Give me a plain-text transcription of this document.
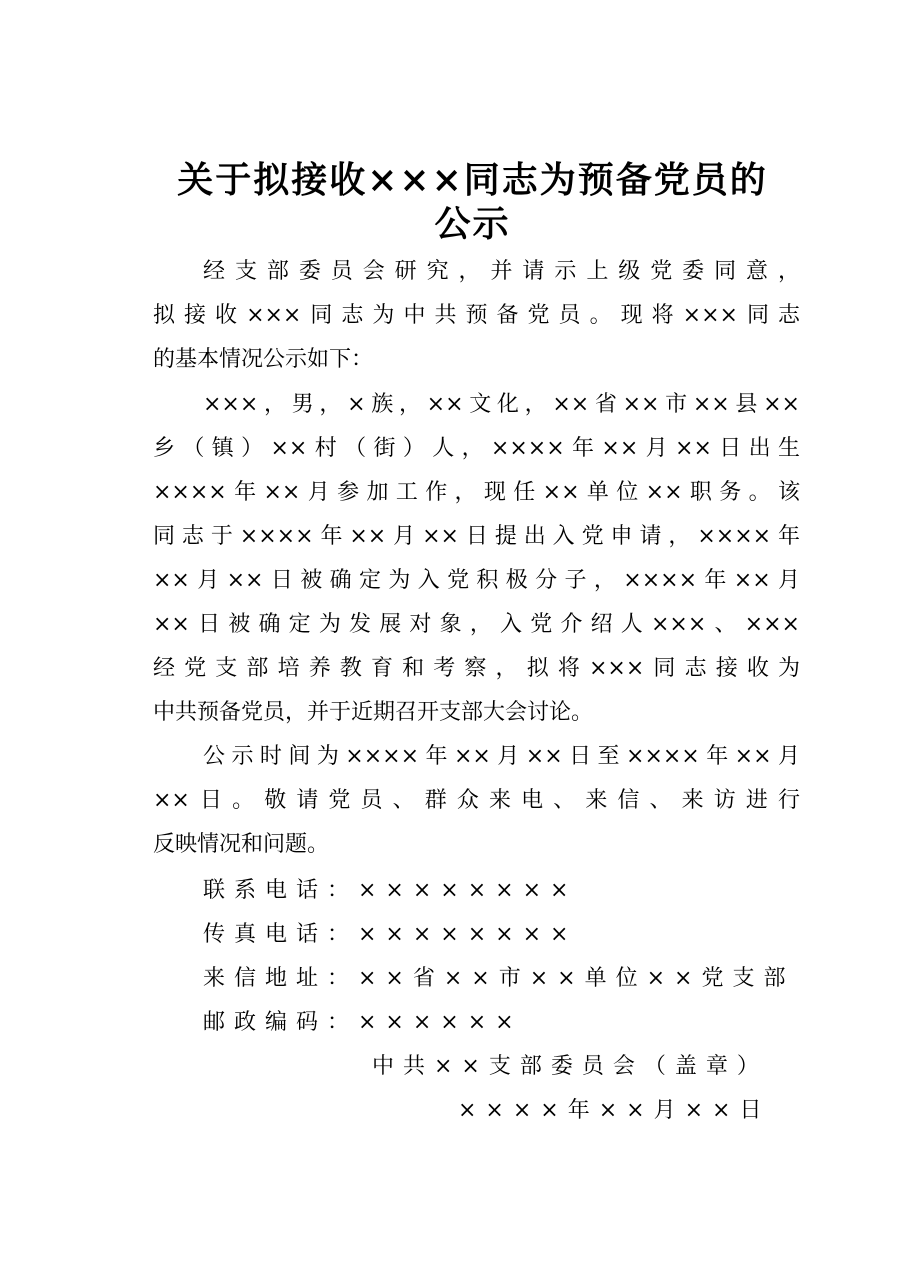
关于拟接收×××同志为预备党员的
公示
经支部委员会研究，并请示上级党委同意，
拟接收×××同志为中共预备党员。现将×××同志
的基本情况公示如下：
×××，男，×族，××文化，××省××市××县××
乡（镇）××村（街）人，××××年××月××日出生
××××年××月参加工作，现任××单位××职务。该
同志于××××年××月××日提出入党申请，××××年
××月××日被确定为入党积极分子，××××年××月
××日被确定为发展对象，入党介绍人×××、×××
经党支部培养教育和考察，拟将×××同志接收为
中共预备党员，并于近期召开支部大会讨论。
公示时间为××××年××月××日至××××年××月
××日。敬请党员、群众来电、来信、来访进行
反映情况和问题。
联系电话：××××××××
传真电话：××××××××
来信地址：××省××市××单位××党支部
邮政编码：××××××
中共××支部委员会（盖章）
××××年××月××日
